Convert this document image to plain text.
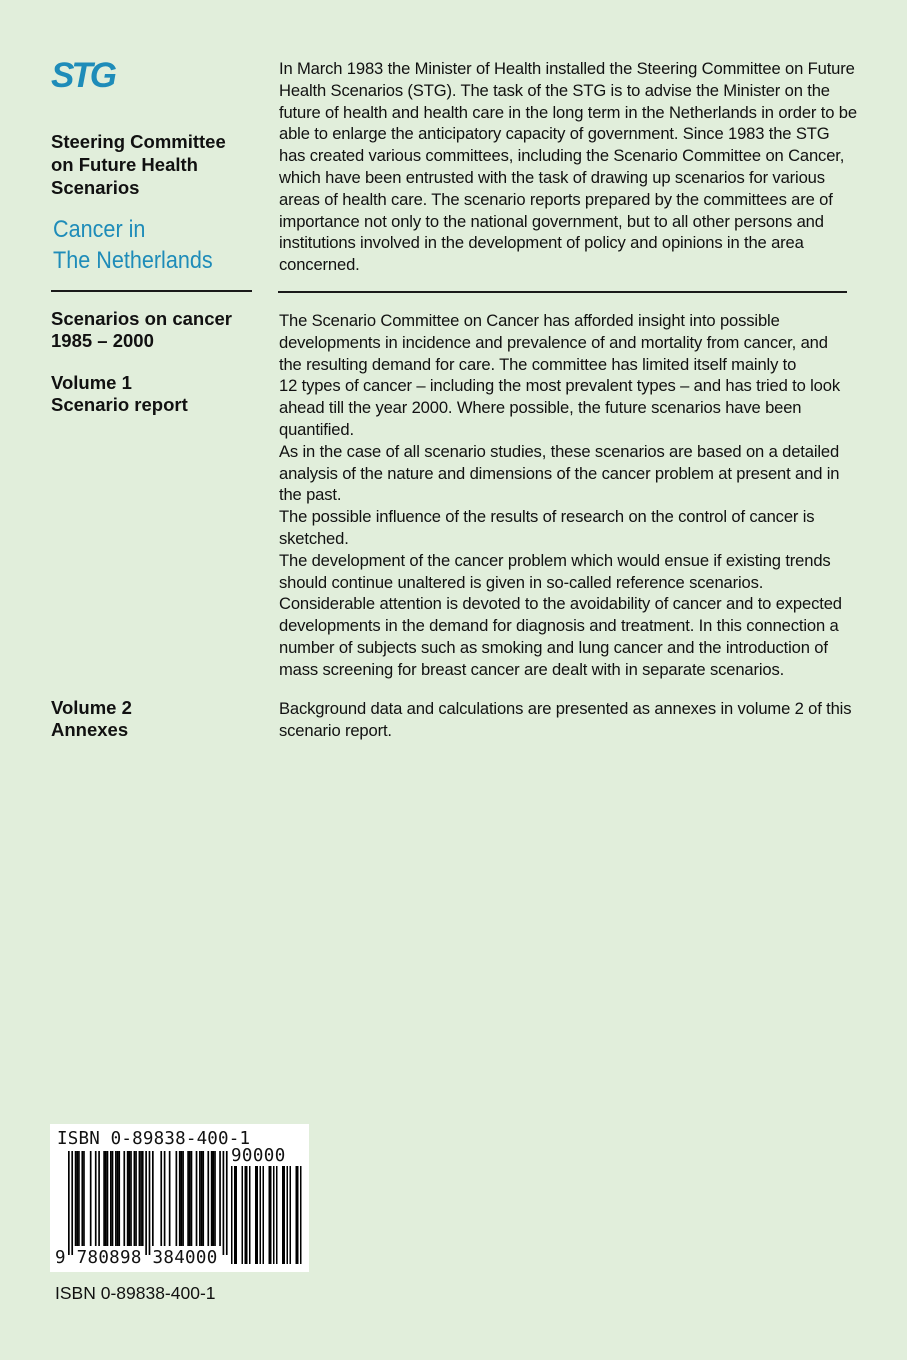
STG
Steering Committee
on Future Health
Scenarios
Cancer in
The Netherlands
Scenarios on cancer
1985 – 2000
Volume 1
Scenario report
Volume 2
Annexes
In March 1983 the Minister of Health installed the Steering Committee on Future
Health Scenarios (STG). The task of the STG is to advise the Minister on the
future of health and health care in the long term in the Netherlands in order to be
able to enlarge the anticipatory capacity of government. Since 1983 the STG
has created various committees, including the Scenario Committee on Cancer,
which have been entrusted with the task of drawing up scenarios for various
areas of health care. The scenario reports prepared by the committees are of
importance not only to the national government, but to all other persons and
institutions involved in the development of policy and opinions in the area
concerned.
The Scenario Committee on Cancer has afforded insight into possible
developments in incidence and prevalence of and mortality from cancer, and
the resulting demand for care. The committee has limited itself mainly to
12 types of cancer – including the most prevalent types – and has tried to look
ahead till the year 2000. Where possible, the future scenarios have been
quantified.
As in the case of all scenario studies, these scenarios are based on a detailed
analysis of the nature and dimensions of the cancer problem at present and in
the past.
The possible influence of the results of research on the control of cancer is
sketched.
The development of the cancer problem which would ensue if existing trends
should continue unaltered is given in so-called reference scenarios.
Considerable attention is devoted to the avoidability of cancer and to expected
developments in the demand for diagnosis and treatment. In this connection a
number of subjects such as smoking and lung cancer and the introduction of
mass screening for breast cancer are dealt with in separate scenarios.
Background data and calculations are presented as annexes in volume 2 of this
scenario report.
ISBN 0-89838-400-1
90000
9 780898 384000
ISBN 0-89838-400-1
